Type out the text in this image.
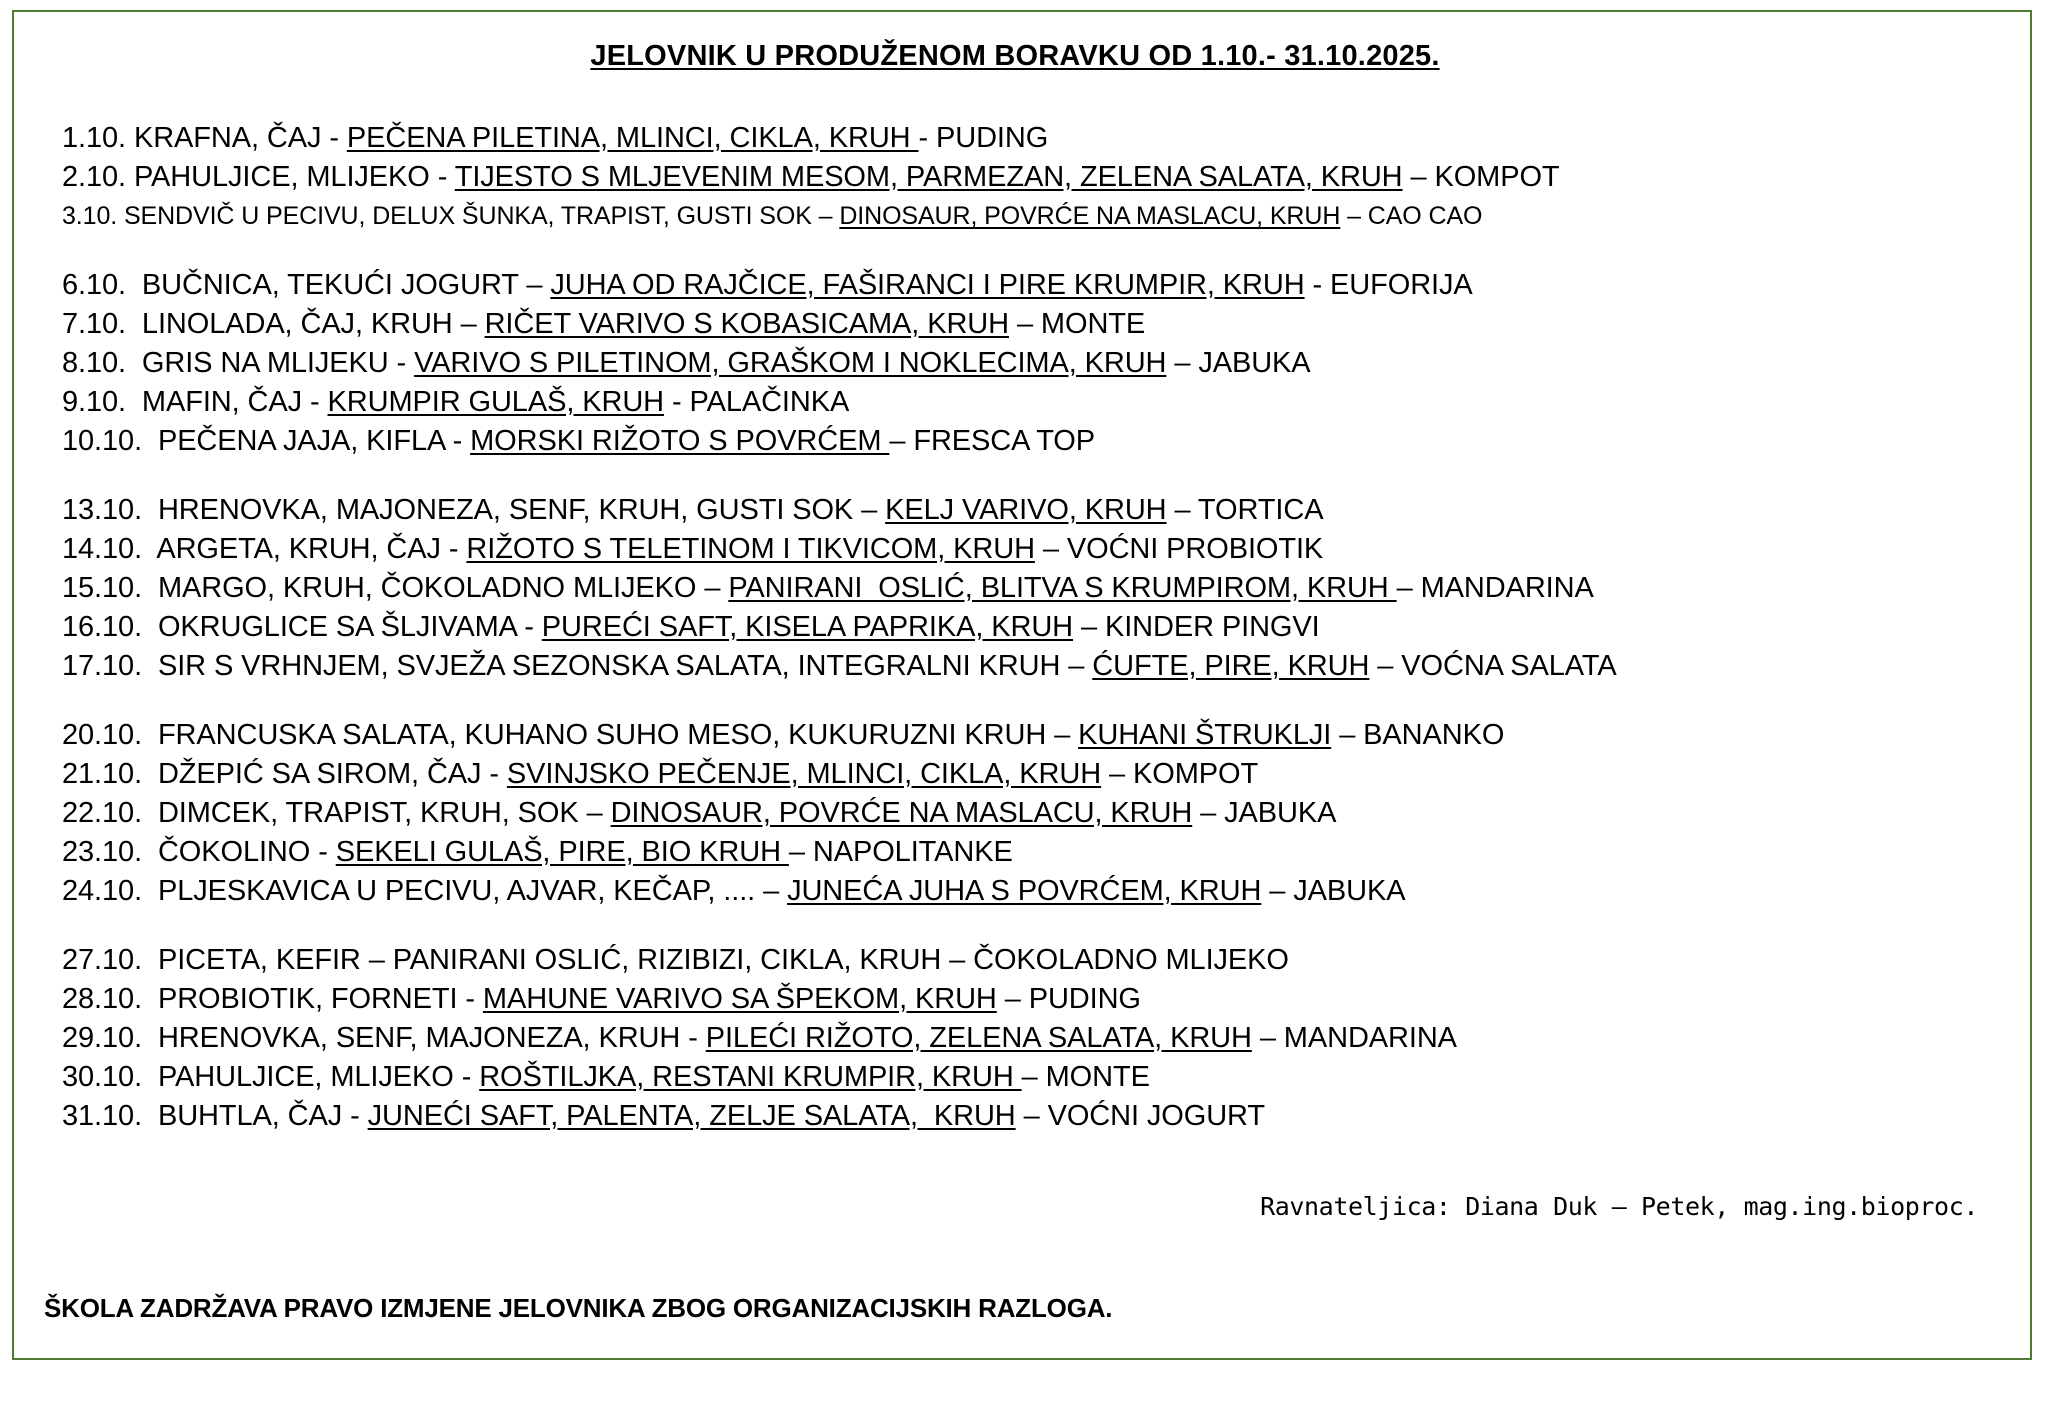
JELOVNIK U PRODUŽENOM BORAVKU OD 1.10.- 31.10.2025.
1.10. KRAFNA, ČAJ - PEČENA PILETINA, MLINCI, CIKLA, KRUH - PUDING
2.10. PAHULJICE, MLIJEKO - TIJESTO S MLJEVENIM MESOM, PARMEZAN, ZELENA SALATA, KRUH – KOMPOT
3.10. SENDVIČ U PECIVU, DELUX ŠUNKA, TRAPIST, GUSTI SOK – DINOSAUR, POVRĆE NA MASLACU, KRUH – CAO CAO
6.10.  BUČNICA, TEKUĆI JOGURT – JUHA OD RAJČICE, FAŠIRANCI I PIRE KRUMPIR, KRUH - EUFORIJA
7.10.  LINOLADA, ČAJ, KRUH – RIČET VARIVO S KOBASICAMA, KRUH – MONTE
8.10.  GRIS NA MLIJEKU - VARIVO S PILETINOM, GRAŠKOM I NOKLECIMA, KRUH – JABUKA
9.10.  MAFIN, ČAJ - KRUMPIR GULAŠ, KRUH - PALAČINKA
10.10.  PEČENA JAJA, KIFLA - MORSKI RIŽOTO S POVRĆEM – FRESCA TOP
13.10.  HRENOVKA, MAJONEZA, SENF, KRUH, GUSTI SOK – KELJ VARIVO, KRUH – TORTICA
14.10.  ARGETA, KRUH, ČAJ - RIŽOTO S TELETINOM I TIKVICOM, KRUH – VOĆNI PROBIOTIK
15.10.  MARGO, KRUH, ČOKOLADNO MLIJEKO – PANIRANI  OSLIĆ, BLITVA S KRUMPIROM, KRUH – MANDARINA
16.10.  OKRUGLICE SA ŠLJIVAMA - PUREĆI SAFT, KISELA PAPRIKA, KRUH – KINDER PINGVI
17.10.  SIR S VRHNJEM, SVJEŽA SEZONSKA SALATA, INTEGRALNI KRUH – ĆUFTE, PIRE, KRUH – VOĆNA SALATA
20.10.  FRANCUSKA SALATA, KUHANO SUHO MESO, KUKURUZNI KRUH – KUHANI ŠTRUKLJI – BANANKO
21.10.  DŽEPIĆ SA SIROM, ČAJ - SVINJSKO PEČENJE, MLINCI, CIKLA, KRUH – KOMPOT
22.10.  DIMCEK, TRAPIST, KRUH, SOK – DINOSAUR, POVRĆE NA MASLACU, KRUH – JABUKA
23.10.  ČOKOLINO - SEKELI GULAŠ, PIRE, BIO KRUH – NAPOLITANKE
24.10.  PLJESKAVICA U PECIVU, AJVAR, KEČAP, .... – JUNEĆA JUHA S POVRĆEM, KRUH – JABUKA
27.10.  PICETA, KEFIR – PANIRANI OSLIĆ, RIZIBIZI, CIKLA, KRUH – ČOKOLADNO MLIJEKO
28.10.  PROBIOTIK, FORNETI - MAHUNE VARIVO SA ŠPEKOM, KRUH – PUDING
29.10.  HRENOVKA, SENF, MAJONEZA, KRUH - PILEĆI RIŽOTO, ZELENA SALATA, KRUH – MANDARINA
30.10.  PAHULJICE, MLIJEKO - ROŠTILJKA, RESTANI KRUMPIR, KRUH – MONTE
31.10.  BUHTLA, ČAJ - JUNEĆI SAFT, PALENTA, ZELJE SALATA,  KRUH – VOĆNI JOGURT
Ravnateljica: Diana Duk – Petek, mag.ing.bioproc.
ŠKOLA ZADRŽAVA PRAVO IZMJENE JELOVNIKA ZBOG ORGANIZACIJSKIH RAZLOGA.
